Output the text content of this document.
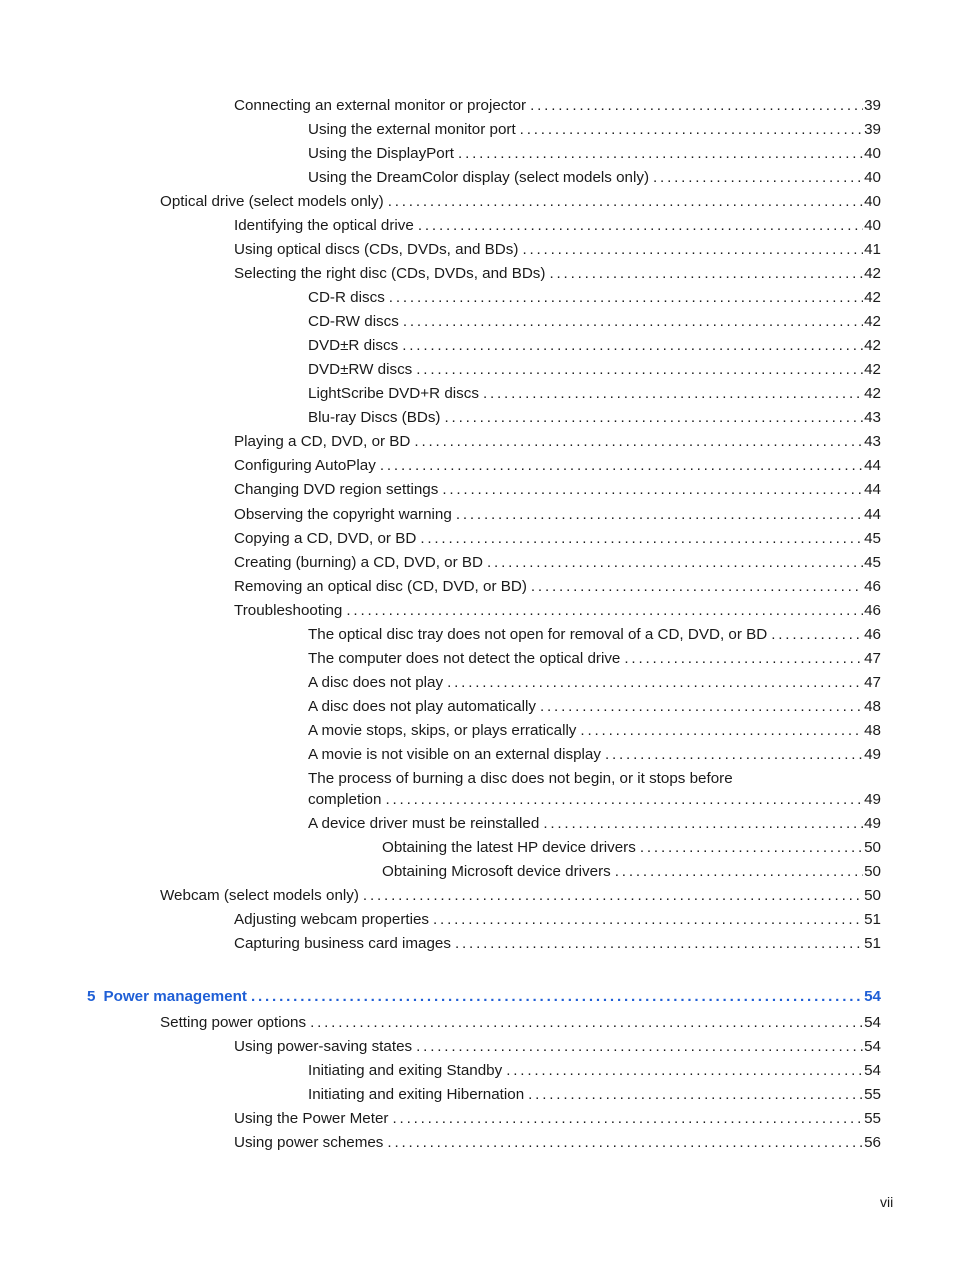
Connecting an external monitor or projector . . .	39
Using the external monitor port . . .	39
Using the DisplayPort . . .	40
Using the DreamColor display (select models only) . . .	40
Optical drive (select models only) . . .	40
Identifying the optical drive . . .	40
Using optical discs (CDs, DVDs, and BDs) . . .	41
Selecting the right disc (CDs, DVDs, and BDs) . . .	42
CD-R discs . . .	42
CD-RW discs . . .	42
DVD±R discs . . .	42
DVD±RW discs . . .	42
LightScribe DVD+R discs . . .	42
Blu-ray Discs (BDs) . . .	43
Playing a CD, DVD, or BD . . .	43
Configuring AutoPlay . . .	44
Changing DVD region settings . . .	44
Observing the copyright warning . . .	44
Copying a CD, DVD, or BD . . .	45
Creating (burning) a CD, DVD, or BD . . .	45
Removing an optical disc (CD, DVD, or BD) . . .	46
Troubleshooting . . .	46
The optical disc tray does not open for removal of a CD, DVD, or BD . . .	46
The computer does not detect the optical drive . . .	47
A disc does not play . . .	47
A disc does not play automatically . . .	48
A movie stops, skips, or plays erratically . . .	48
A movie is not visible on an external display . . .	49
The process of burning a disc does not begin, or it stops before
completion . . .	49
A device driver must be reinstalled . . .	49
Obtaining the latest HP device drivers . . .	50
Obtaining Microsoft device drivers . . .	50
Webcam (select models only) . . .	50
Adjusting webcam properties . . .	51
Capturing business card images . . .	51
5 Power management . . .	54
Setting power options . . .	54
Using power-saving states . . .	54
Initiating and exiting Standby . . .	54
Initiating and exiting Hibernation . . .	55
Using the Power Meter . . .	55
Using power schemes . . .	56
vii
